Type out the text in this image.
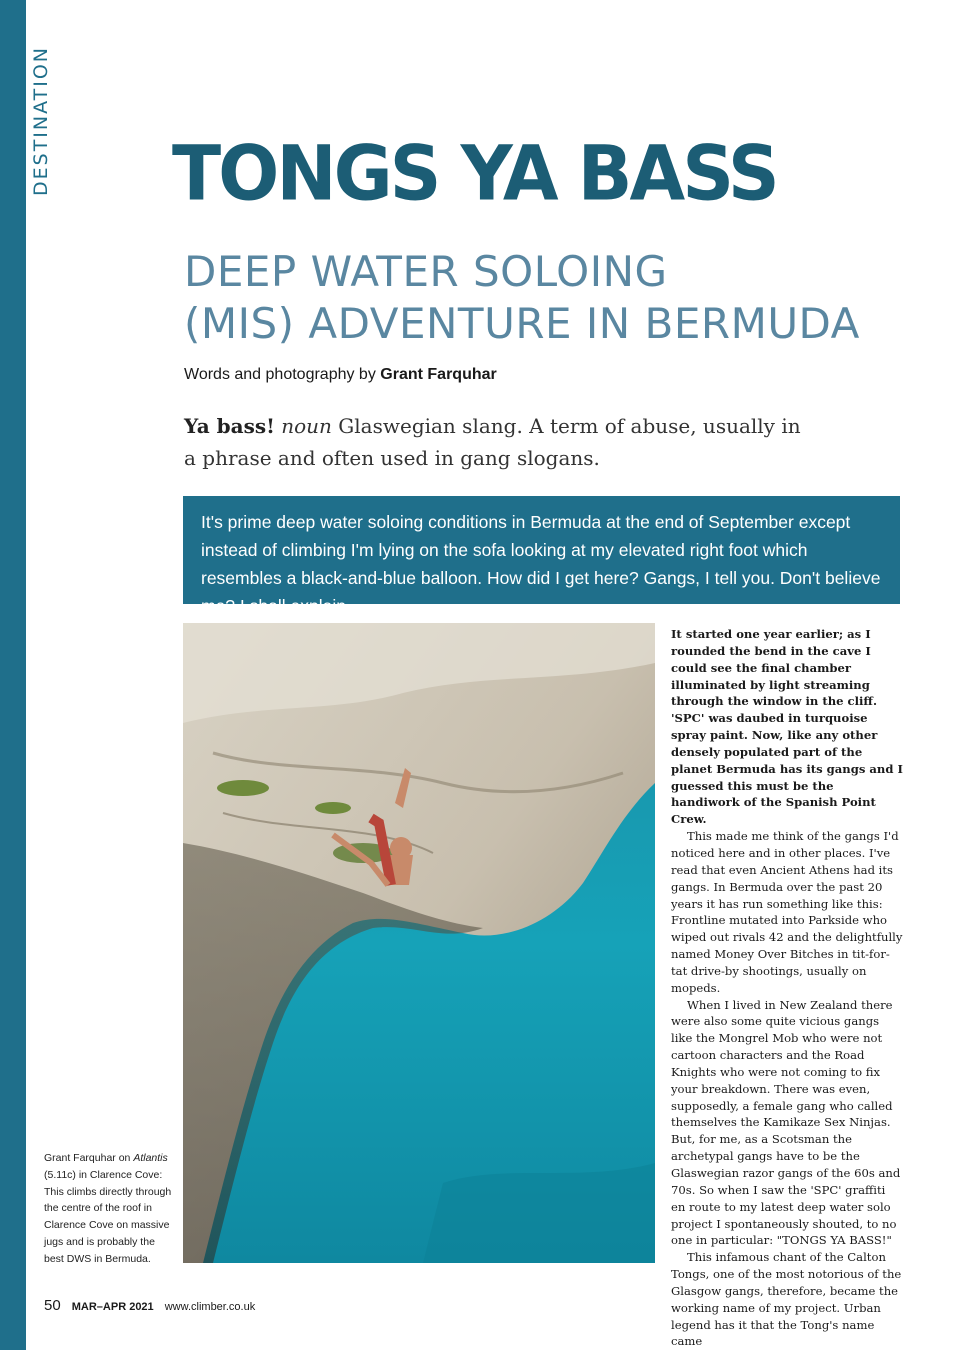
DESTINATION TONGS YA BASS
DEEP WATER SOLOING
(MIS) ADVENTURE IN BERMUDA
Words and photography by Grant Farquhar
Ya bass! noun Glaswegian slang. A term of abuse, usually in a phrase and often used in gang slogans.

It's prime deep water soloing conditions in Bermuda at the end of September except instead of climbing I'm lying on the sofa looking at my elevated right foot which resembles a black-and-blue balloon. How did I get here? Gangs, I tell you. Don't believe me? I shall explain.

Grant Farquhar on Atlantis (5.11c) in Clarence Cove: This climbs directly through the centre of the roof in Clarence Cove on massive jugs and is probably the best DWS in Bermuda.

It started one year earlier; as I rounded the bend in the cave I could see the final chamber illuminated by light streaming through the window in the cliff. 'SPC' was daubed in turquoise spray paint. Now, like any other densely populated part of the planet Bermuda has its gangs and I guessed this must be the handiwork of the Spanish Point Crew.

This made me think of the gangs I'd noticed here and in other places. I've read that even Ancient Athens had its gangs. In Bermuda over the past 20 years it has run something like this: Frontline mutated into Parkside who wiped out rivals 42 and the delightfully named Money Over Bitches in tit-for-tat drive-by shootings, usually on mopeds.

When I lived in New Zealand there were also some quite vicious gangs like the Mongrel Mob who were not cartoon characters and the Road Knights who were not coming to fix your breakdown. There was even, supposedly, a female gang who called themselves the Kamikaze Sex Ninjas. But, for me, as a Scotsman the archetypal gangs have to be the Glaswegian razor gangs of the 60s and 70s. So when I saw the 'SPC' graffiti en route to my latest deep water solo project I spontaneously shouted, to no one in particular: "TONGS YA BASS!"

This infamous chant of the Calton Tongs, one of the most notorious of the Glasgow gangs, therefore, became the working name of my project. Urban legend has it that the Tong's name came

50 MAR–APR 2021 www.climber.co.uk
